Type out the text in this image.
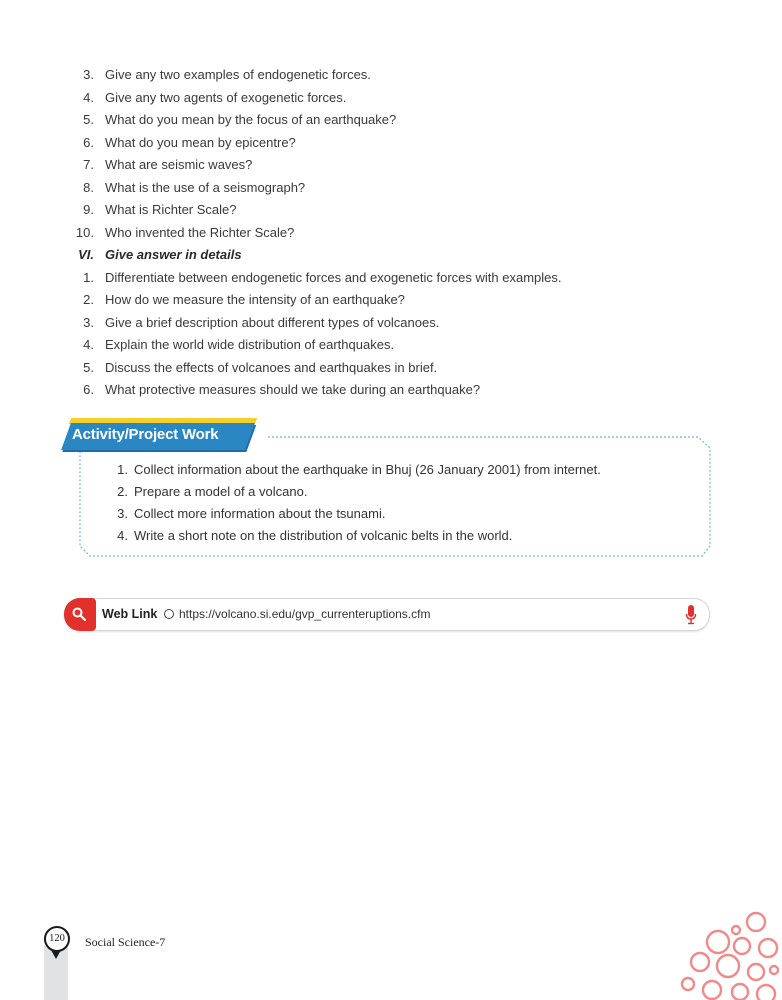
3. Give any two examples of endogenetic forces.
4. Give any two agents of exogenetic forces.
5. What do you mean by the focus of an earthquake?
6. What do you mean by epicentre?
7. What are seismic waves?
8. What is the use of a seismograph?
9. What is Richter Scale?
10. Who invented the Richter Scale?
VI. Give answer in details
1. Differentiate between endogenetic forces and exogenetic forces with examples.
2. How do we measure the intensity of an earthquake?
3. Give a brief description about different types of volcanoes.
4. Explain the world wide distribution of earthquakes.
5. Discuss the effects of volcanoes and earthquakes in brief.
6. What protective measures should we take during an earthquake?
1. Collect information about the earthquake in Bhuj (26 January 2001) from internet.
2. Prepare a model of a volcano.
3. Collect more information about the tsunami.
4. Write a short note on the distribution of volcanic belts in the world.
Activity/Project Work
Web Link https://volcano.si.edu/gvp_currenteruptions.cfm
120	Social Science-7
